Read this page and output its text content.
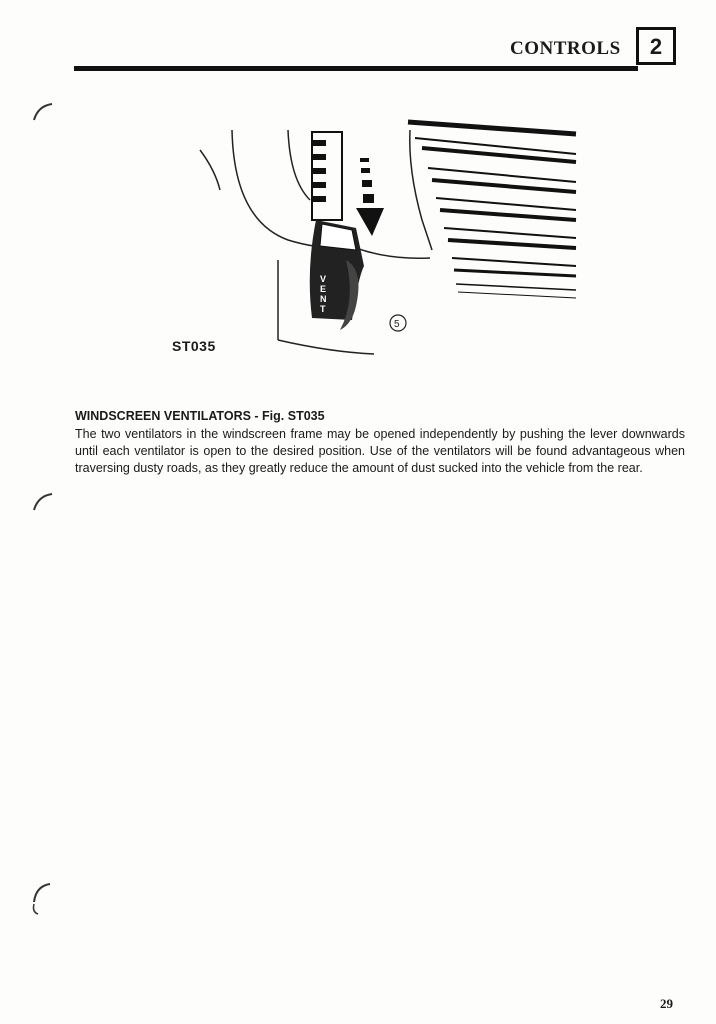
CONTROLS	2
V E N T
5
ST035

WINDSCREEN VENTILATORS - Fig. ST035

The two ventilators in the windscreen frame may be opened independently by pushing the lever downwards until each ventilator is open to the desired position. Use of the ventilators will be found advantageous when traversing dusty roads, as they greatly reduce the amount of dust sucked into the vehicle from the rear.

29
